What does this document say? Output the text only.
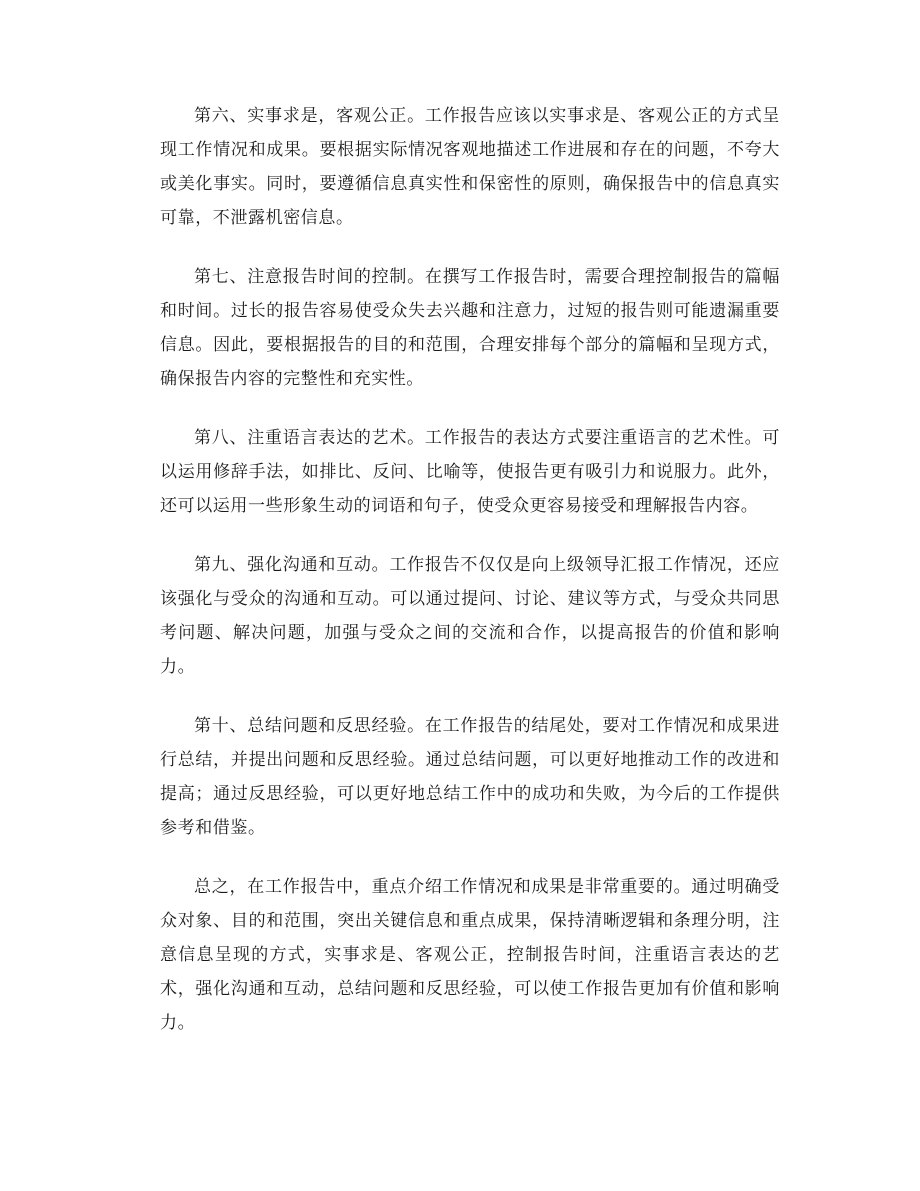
第六、实事求是，客观公正。工作报告应该以实事求是、客观公正的方式呈现工作情况和成果。要根据实际情况客观地描述工作进展和存在的问题，不夸大或美化事实。同时，要遵循信息真实性和保密性的原则，确保报告中的信息真实可靠，不泄露机密信息。

第七、注意报告时间的控制。在撰写工作报告时，需要合理控制报告的篇幅和时间。过长的报告容易使受众失去兴趣和注意力，过短的报告则可能遗漏重要信息。因此，要根据报告的目的和范围，合理安排每个部分的篇幅和呈现方式，确保报告内容的完整性和充实性。

第八、注重语言表达的艺术。工作报告的表达方式要注重语言的艺术性。可以运用修辞手法，如排比、反问、比喻等，使报告更有吸引力和说服力。此外，还可以运用一些形象生动的词语和句子，使受众更容易接受和理解报告内容。

第九、强化沟通和互动。工作报告不仅仅是向上级领导汇报工作情况，还应该强化与受众的沟通和互动。可以通过提问、讨论、建议等方式，与受众共同思考问题、解决问题，加强与受众之间的交流和合作，以提高报告的价值和影响力。

第十、总结问题和反思经验。在工作报告的结尾处，要对工作情况和成果进行总结，并提出问题和反思经验。通过总结问题，可以更好地推动工作的改进和提高；通过反思经验，可以更好地总结工作中的成功和失败，为今后的工作提供参考和借鉴。

总之，在工作报告中，重点介绍工作情况和成果是非常重要的。通过明确受众对象、目的和范围，突出关键信息和重点成果，保持清晰逻辑和条理分明，注意信息呈现的方式，实事求是、客观公正，控制报告时间，注重语言表达的艺术，强化沟通和互动，总结问题和反思经验，可以使工作报告更加有价值和影响力。
